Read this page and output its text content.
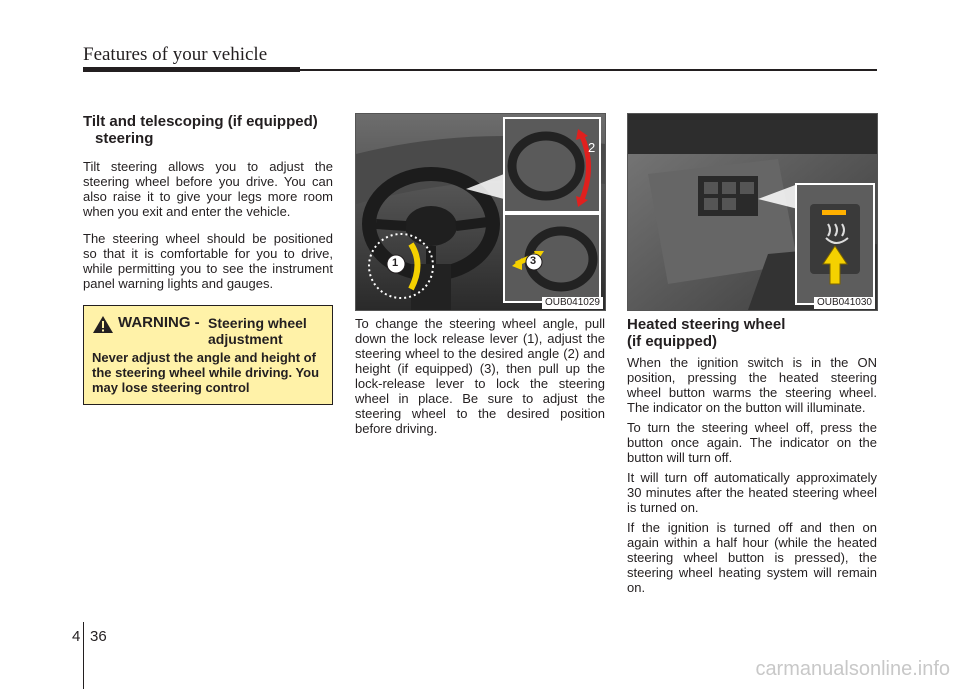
Features of your vehicle
Tilt and telescoping (if equipped)
steering

Tilt steering allows you to adjust the steering wheel before you drive. You can also raise it to give your legs more room when you exit and enter the vehicle.

The steering wheel should be positioned so that it is comfortable for you to drive, while permitting you to see the instrument panel warning lights and gauges.

WARNING - Steering wheel adjustment
Never adjust the angle and height of the steering wheel while driving. You may lose steering control
1
2
3
OUB041029

To change the steering wheel angle, pull down the lock release lever (1), adjust the steering wheel to the desired angle (2) and height (if equipped) (3), then pull up the lock-release lever to lock the steering wheel in place. Be sure to adjust the steering wheel to the desired position before driving.

OUB041030
Heated steering wheel
(if equipped)

When the ignition switch is in the ON position, pressing the heated steering wheel button warms the steering wheel. The indicator on the button will illuminate.

To turn the steering wheel off, press the button once again. The indicator on the button will turn off.

It will turn off automatically approximately 30 minutes after the heated steering wheel is turned on.

If the ignition is turned off and then on again within a half hour (while the heated steering wheel button is pressed), the steering wheel heating system will remain on.

4 36
carmanualsonline.info
